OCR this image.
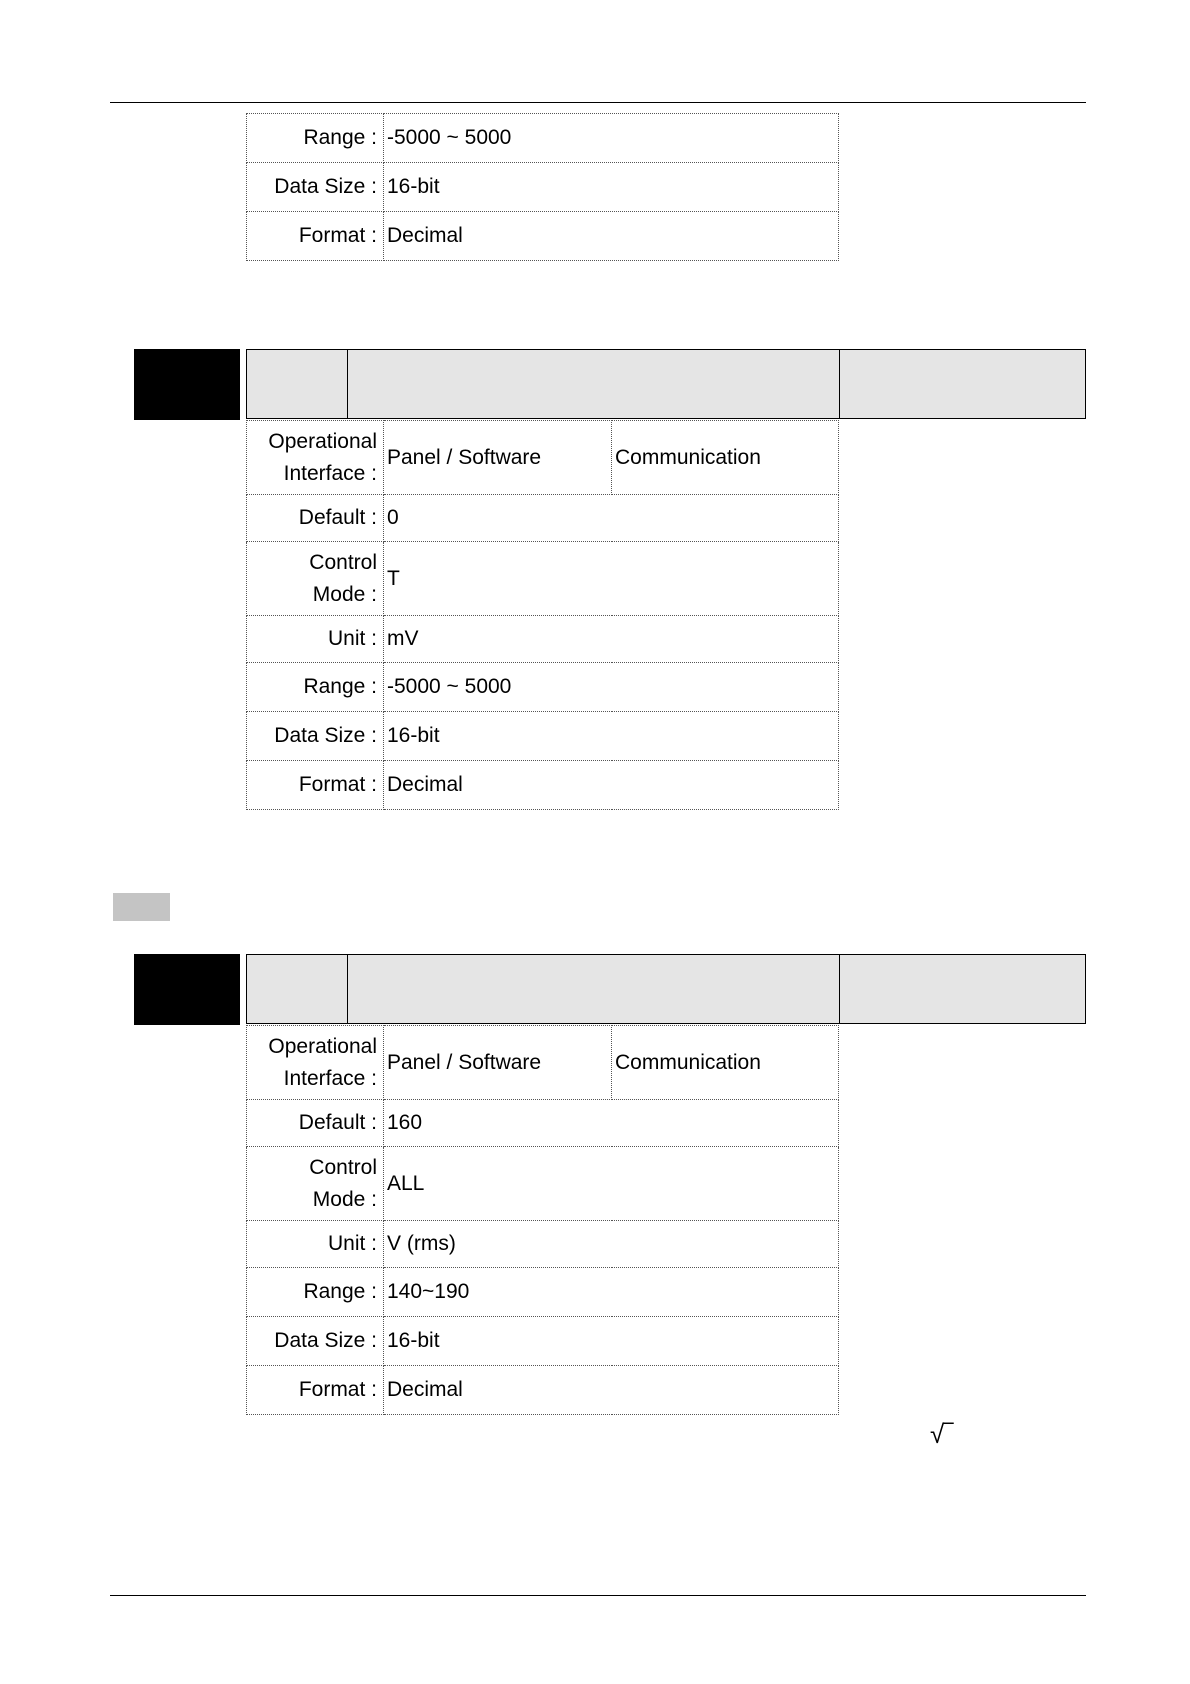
Range :	-5000 ~ 5000
Data Size :	16-bit
Format :	Decimal
Operational
Interface :	Panel / Software	Communication
Default :	0	

Control
Mode :	T	
Unit :	mV	
Range :	-5000 ~ 5000	
Data Size :	16-bit	
Format :	Decimal	
Operational
Interface :	Panel / Software	Communication
Default :	160	

Control
Mode :	ALL	
Unit :	V (rms)	
Range :	140~190	
Data Size :	16-bit	
Format :	Decimal	
√‾
